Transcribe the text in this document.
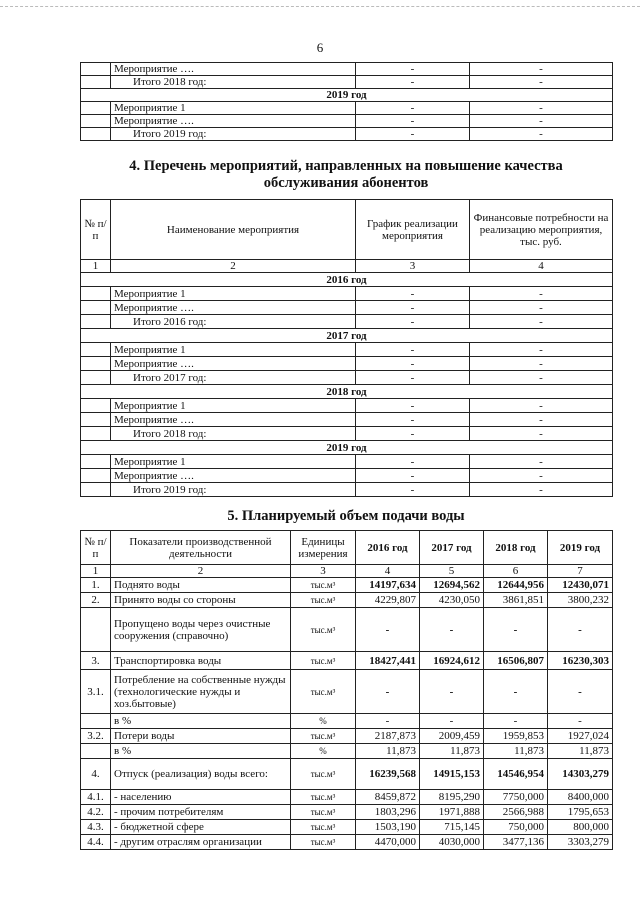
6
	Мероприятие ….	-	-
	Итого 2018 год:	-	-
2019 год			
	Мероприятие 1	-	-
	Мероприятие ….	-	-
	Итого 2019 год:	-	-
4. Перечень мероприятий, направленных на повышение качества
обслуживания абонентов
№ п/п	Наименование мероприятия	График реализации мероприятия	Финансовые потребности на реализацию мероприятия, тыс. руб.
1	2	3	4
2016 год			
	Мероприятие 1	-	-
	Мероприятие ….	-	-
	Итого 2016 год:	-	-
2017 год			
	Мероприятие 1	-	-
	Мероприятие ….	-	-
	Итого 2017 год:	-	-
2018 год			
	Мероприятие 1	-	-
	Мероприятие ….	-	-
	Итого 2018 год:	-	-
2019 год			
	Мероприятие 1	-	-
	Мероприятие ….	-	-
	Итого 2019 год:	-	-
5. Планируемый объем подачи воды
№ п/п	Показатели производственной деятельности	Единицы измерения	2016 год	2017 год	2018 год	2019 год
1	2	3	4	5	6	7
1.	Поднято воды	тыс.м³	14197,634	12694,562	12644,956	12430,071
2.	Принято воды со стороны	тыс.м³	4229,807	4230,050	3861,851	3800,232
	Пропущено воды через очистные сооружения (справочно)	тыс.м³	-	-	-	-
3.	Транспортировка воды	тыс.м³	18427,441	16924,612	16506,807	16230,303
3.1.	Потребление на собственные нужды (технологические нужды и хоз.бытовые)	тыс.м³	-	-	-	-
	в %	%	-	-	-	-
3.2.	Потери воды	тыс.м³	2187,873	2009,459	1959,853	1927,024
	в %	%	11,873	11,873	11,873	11,873
4.	Отпуск (реализация) воды всего:	тыс.м³	16239,568	14915,153	14546,954	14303,279
4.1.	- населению	тыс.м³	8459,872	8195,290	7750,000	8400,000
4.2.	- прочим потребителям	тыс.м³	1803,296	1971,888	2566,988	1795,653
4.3.	- бюджетной сфере	тыс.м³	1503,190	715,145	750,000	800,000
4.4.	- другим отраслям организации	тыс.м³	4470,000	4030,000	3477,136	3303,279
